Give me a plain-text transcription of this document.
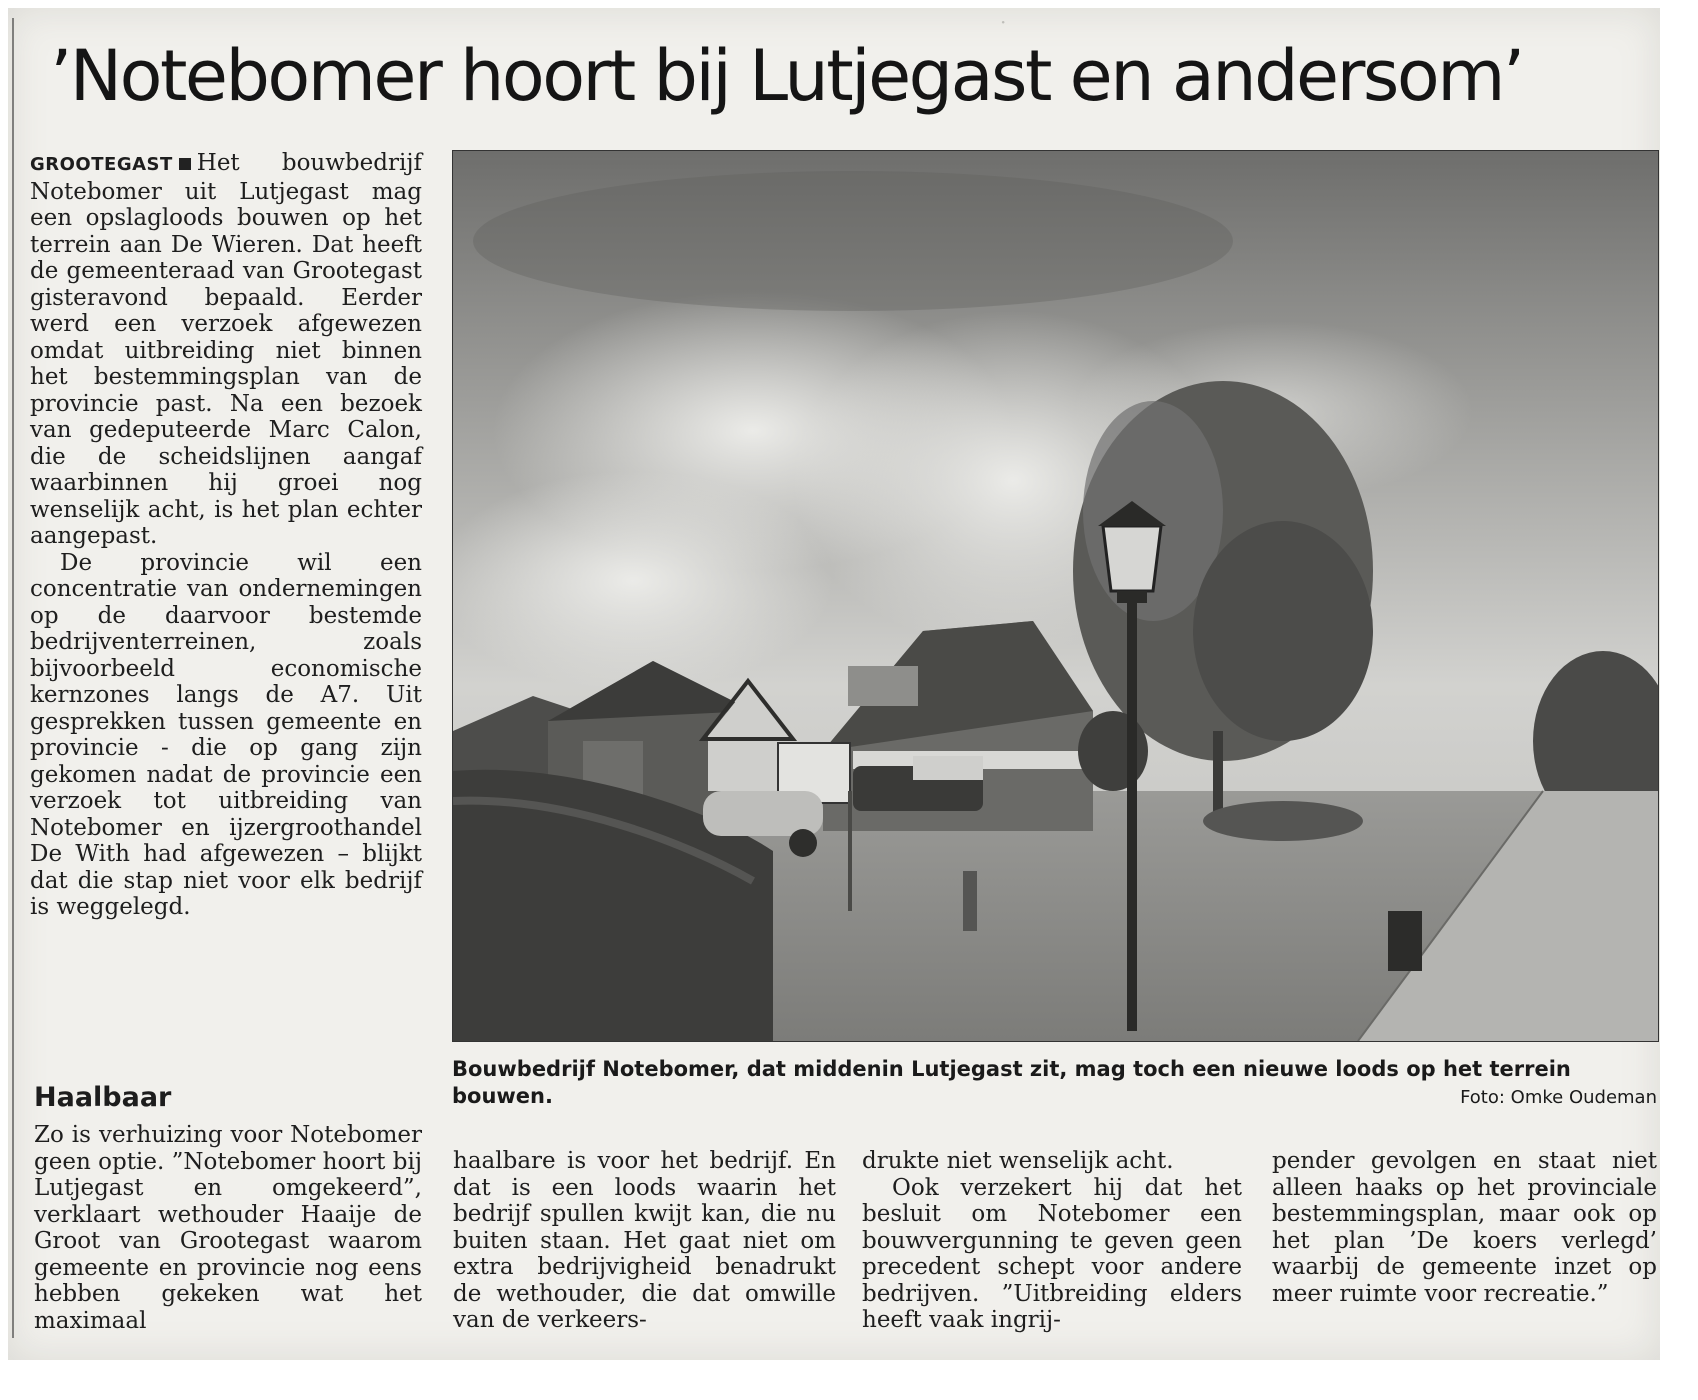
·
’Notebomer hoort bij Lutjegast en andersom’

GROOTEGAST Het bouwbedrijf Notebomer uit Lutjegast mag een opslagloods bouwen op het terrein aan De Wieren. Dat heeft de gemeenteraad van Grootegast gisteravond bepaald. Eerder werd een verzoek afgewezen omdat uitbreiding niet binnen het bestemmingsplan van de provincie past. Na een bezoek van gedeputeerde Marc Calon, die de scheidslijnen aangaf waarbinnen hij groei nog wenselijk acht, is het plan echter aangepast.

De provincie wil een concentratie van ondernemingen op de daarvoor bestemde bedrijventerreinen, zoals bijvoorbeeld economische kernzones langs de A7. Uit gesprekken tussen gemeente en provincie - die op gang zijn gekomen nadat de provincie een verzoek tot uitbreiding van Notebomer en ijzergroothandel De With had afgewezen – blijkt dat die stap niet voor elk bedrijf is weggelegd.

Haalbaar

Zo is verhuizing voor Notebomer geen optie. ”Notebomer hoort bij Lutjegast en omgekeerd”, verklaart wethouder Haaije de Groot van Grootegast waarom gemeente en provincie nog eens hebben gekeken wat het maximaal

haalbare is voor het bedrijf. En dat is een loods waarin het bedrijf spullen kwijt kan, die nu buiten staan. Het gaat niet om extra bedrijvigheid benadrukt de wethouder, die dat omwille van de verkeers-

drukte niet wenselijk acht.

Ook verzekert hij dat het besluit om Notebomer een bouwvergunning te geven geen precedent schept voor andere bedrijven. ”Uitbreiding elders heeft vaak ingrij-

pender gevolgen en staat niet alleen haaks op het provinciale bestemmingsplan, maar ook op het plan ’De koers verlegd’ waarbij de gemeente inzet op meer ruimte voor recreatie.”

Bouwbedrijf Notebomer, dat middenin Lutjegast zit, mag toch een nieuwe loods op het terrein bouwen.	Foto: Omke Oudeman
